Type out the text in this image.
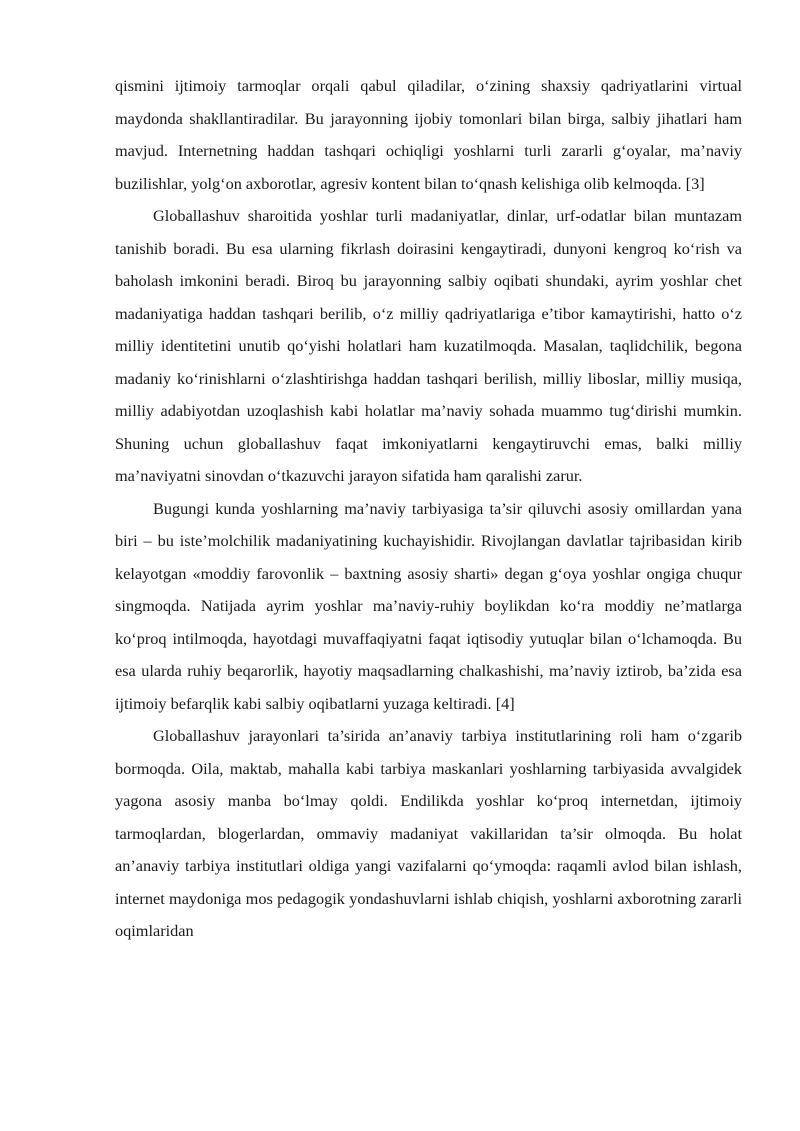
qismini ijtimoiy tarmoqlar orqali qabul qiladilar, o‘zining shaxsiy qadriyatlarini virtual maydonda shakllantiradilar. Bu jarayonning ijobiy tomonlari bilan birga, salbiy jihatlari ham mavjud. Internetning haddan tashqari ochiqligi yoshlarni turli zararli g‘oyalar, ma’naviy buzilishlar, yolg‘on axborotlar, agresiv kontent bilan to‘qnash kelishiga olib kelmoqda. [3]

Globallashuv sharoitida yoshlar turli madaniyatlar, dinlar, urf-odatlar bilan muntazam tanishib boradi. Bu esa ularning fikrlash doirasini kengaytiradi, dunyoni kengroq ko‘rish va baholash imkonini beradi. Biroq bu jarayonning salbiy oqibati shundaki, ayrim yoshlar chet madaniyatiga haddan tashqari berilib, o‘z milliy qadriyatlariga e’tibor kamaytirishi, hatto o‘z milliy identitetini unutib qo‘yishi holatlari ham kuzatilmoqda. Masalan, taqlidchilik, begona madaniy ko‘rinishlarni o‘zlashtirishga haddan tashqari berilish, milliy liboslar, milliy musiqa, milliy adabiyotdan uzoqlashish kabi holatlar ma’naviy sohada muammo tug‘dirishi mumkin. Shuning uchun globallashuv faqat imkoniyatlarni kengaytiruvchi emas, balki milliy ma’naviyatni sinovdan o‘tkazuvchi jarayon sifatida ham qaralishi zarur.

Bugungi kunda yoshlarning ma’naviy tarbiyasiga ta’sir qiluvchi asosiy omillardan yana biri – bu iste’molchilik madaniyatining kuchayishidir. Rivojlangan davlatlar tajribasidan kirib kelayotgan «moddiy farovonlik – baxtning asosiy sharti» degan g‘oya yoshlar ongiga chuqur singmoqda. Natijada ayrim yoshlar ma’naviy-ruhiy boylikdan ko‘ra moddiy ne’matlarga ko‘proq intilmoqda, hayotdagi muvaffaqiyatni faqat iqtisodiy yutuqlar bilan o‘lchamoqda. Bu esa ularda ruhiy beqarorlik, hayotiy maqsadlarning chalkashishi, ma’naviy iztirob, ba’zida esa ijtimoiy befarqlik kabi salbiy oqibatlarni yuzaga keltiradi. [4]

Globallashuv jarayonlari ta’sirida an’anaviy tarbiya institutlarining roli ham o‘zgarib bormoqda. Oila, maktab, mahalla kabi tarbiya maskanlari yoshlarning tarbiyasida avvalgidek yagona asosiy manba bo‘lmay qoldi. Endilikda yoshlar ko‘proq internetdan, ijtimoiy tarmoqlardan, blogerlardan, ommaviy madaniyat vakillaridan ta’sir olmoqda. Bu holat an’anaviy tarbiya institutlari oldiga yangi vazifalarni qo‘ymoqda: raqamli avlod bilan ishlash, internet maydoniga mos pedagogik yondashuvlarni ishlab chiqish, yoshlarni axborotning zararli oqimlaridan
